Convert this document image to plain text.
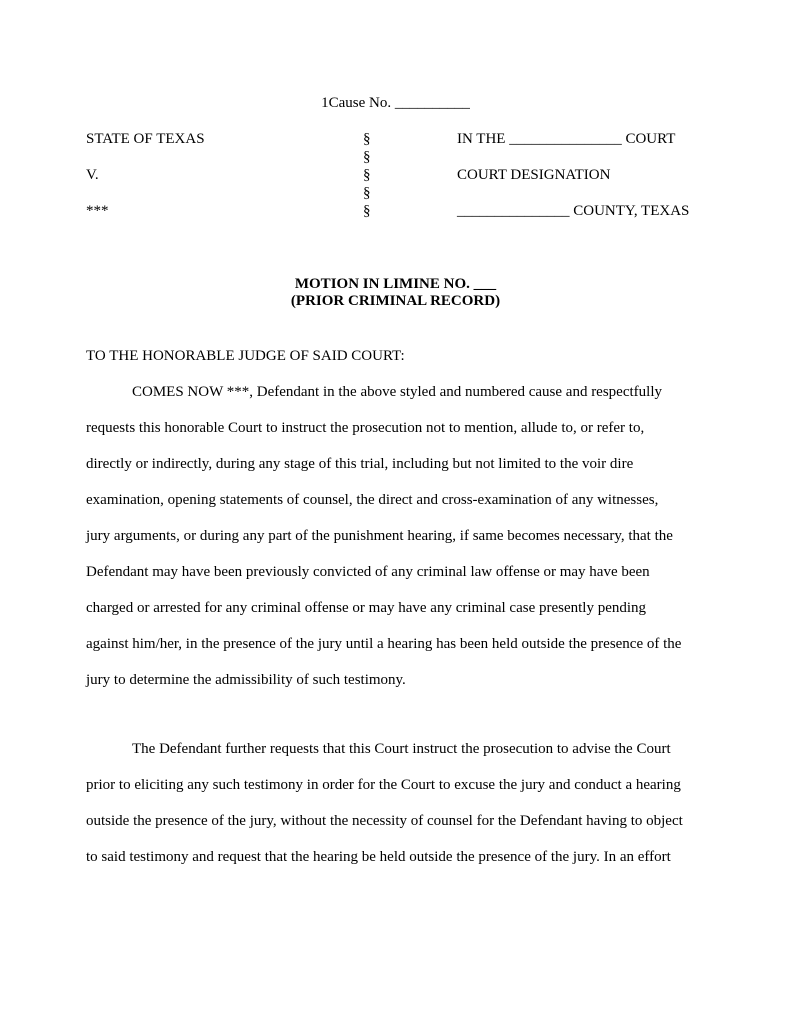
1Cause No. __________
STATE OF TEXAS
V.
***
§
§
§
§
§
IN THE _______________ COURT
COURT DESIGNATION
_______________ COUNTY, TEXAS
MOTION IN LIMINE NO. ___
(PRIOR CRIMINAL RECORD)
TO THE HONORABLE JUDGE OF SAID COURT:
COMES NOW ***, Defendant in the above styled and numbered cause and respectfully
requests this honorable Court to instruct the prosecution not to mention, allude to, or refer to,
directly or indirectly, during any stage of this trial, including but not limited to the voir dire
examination, opening statements of counsel, the direct and cross-examination of any witnesses,
jury arguments, or during any part of the punishment hearing, if same becomes necessary, that the
Defendant may have been previously convicted of any criminal law offense or may have been
charged or arrested for any criminal offense or may have any criminal case presently pending
against him/her, in the presence of the jury until a hearing has been held outside the presence of the
jury to determine the admissibility of such testimony.
The Defendant further requests that this Court instruct the prosecution to advise the Court
prior to eliciting any such testimony in order for the Court to excuse the jury and conduct a hearing
outside the presence of the jury, without the necessity of counsel for the Defendant having to object
to said testimony and request that the hearing be held outside the presence of the jury. In an effort
